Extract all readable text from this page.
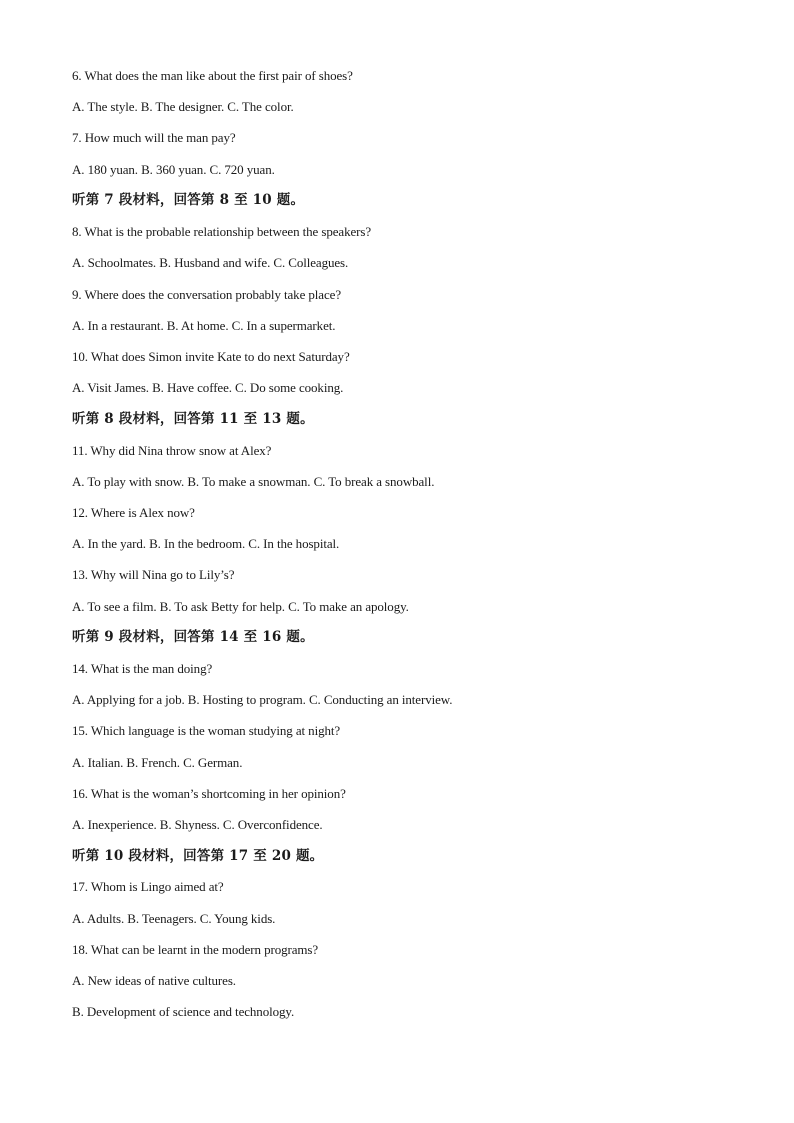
6. What does the man like about the first pair of shoes?
A. The style. B. The designer. C. The color.
7. How much will the man pay?
A. 180 yuan. B. 360 yuan. C. 720 yuan.
听第 7 段材料，回答第 8 至 10 题。
8. What is the probable relationship between the speakers?
A. Schoolmates. B. Husband and wife. C. Colleagues.
9. Where does the conversation probably take place?
A. In a restaurant. B. At home. C. In a supermarket.
10. What does Simon invite Kate to do next Saturday?
A. Visit James. B. Have coffee. C. Do some cooking.
听第 8 段材料，回答第 11 至 13 题。
11. Why did Nina throw snow at Alex?
A. To play with snow. B. To make a snowman. C. To break a snowball.
12. Where is Alex now?
A. In the yard. B. In the bedroom. C. In the hospital.
13. Why will Nina go to Lily’s?
A. To see a film. B. To ask Betty for help. C. To make an apology.
听第 9 段材料，回答第 14 至 16 题。
14. What is the man doing?
A. Applying for a job. B. Hosting to program. C. Conducting an interview.
15. Which language is the woman studying at night?
A. Italian. B. French. C. German.
16. What is the woman’s shortcoming in her opinion?
A. Inexperience. B. Shyness. C. Overconfidence.
听第 10 段材料，回答第 17 至 20 题。
17. Whom is Lingo aimed at?
A. Adults. B. Teenagers. C. Young kids.
18. What can be learnt in the modern programs?
A. New ideas of native cultures.
B. Development of science and technology.
